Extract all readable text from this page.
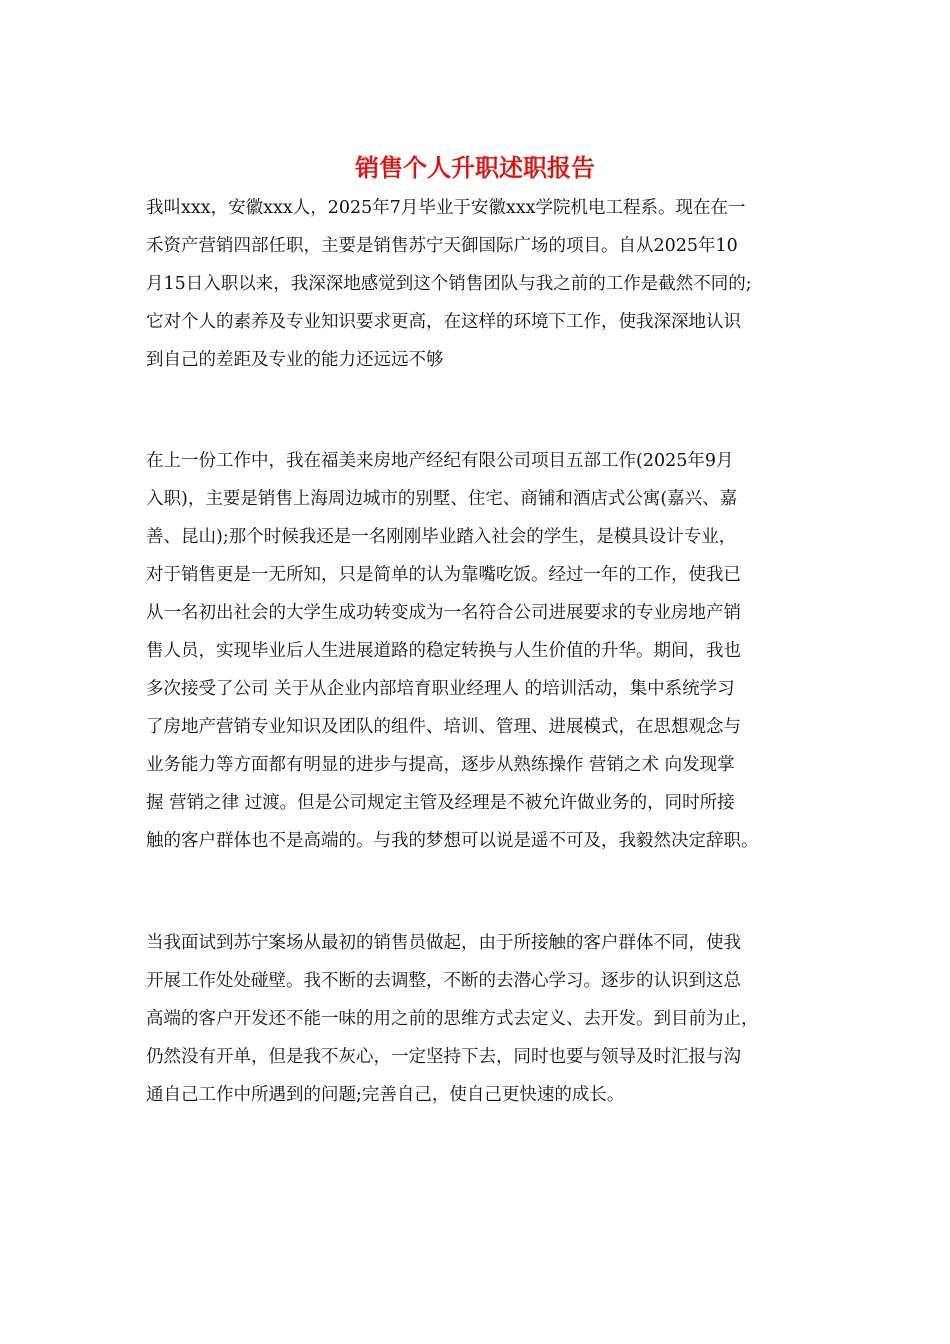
销售个人升职述职报告

我叫xxx，安徽xxx人，2025年7月毕业于安徽xxx学院机电工程系。现在在一

禾资产营销四部任职，主要是销售苏宁天御国际广场的项目。自从2025年10

月15日入职以来，我深深地感觉到这个销售团队与我之前的工作是截然不同的;

它对个人的素养及专业知识要求更高，在这样的环境下工作，使我深深地认识

到自己的差距及专业的能力还远远不够

在上一份工作中，我在福美来房地产经纪有限公司项目五部工作(2025年9月

入职)，主要是销售上海周边城市的别墅、住宅、商铺和酒店式公寓(嘉兴、嘉

善、昆山);那个时候我还是一名刚刚毕业踏入社会的学生，是模具设计专业，

对于销售更是一无所知，只是简单的认为靠嘴吃饭。经过一年的工作，使我已

从一名初出社会的大学生成功转变成为一名符合公司进展要求的专业房地产销

售人员，实现毕业后人生进展道路的稳定转换与人生价值的升华。期间，我也

多次接受了公司 关于从企业内部培育职业经理人 的培训活动，集中系统学习

了房地产营销专业知识及团队的组件、培训、管理、进展模式，在思想观念与

业务能力等方面都有明显的进步与提高，逐步从熟练操作 营销之术 向发现掌

握 营销之律 过渡。但是公司规定主管及经理是不被允许做业务的，同时所接

触的客户群体也不是高端的。与我的梦想可以说是遥不可及，我毅然决定辞职。

当我面试到苏宁案场从最初的销售员做起，由于所接触的客户群体不同，使我

开展工作处处碰壁。我不断的去调整，不断的去潜心学习。逐步的认识到这总

高端的客户开发还不能一味的用之前的思维方式去定义、去开发。到目前为止，

仍然没有开单，但是我不灰心，一定坚持下去，同时也要与领导及时汇报与沟

通自己工作中所遇到的问题;完善自己，使自己更快速的成长。
